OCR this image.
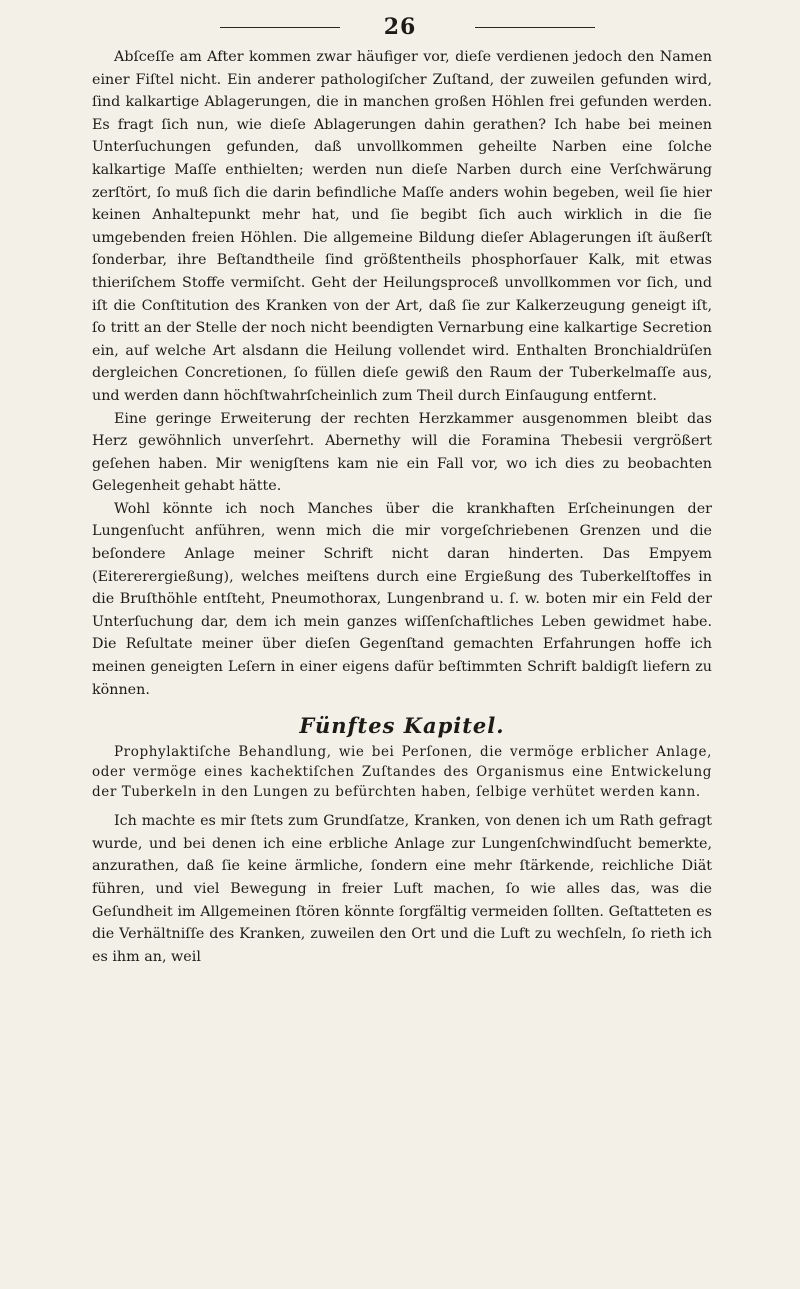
26

Abſceſſe am After kommen zwar häufiger vor, dieſe verdienen jedoch den Namen einer Fiſtel nicht. Ein anderer pathologiſcher Zuſtand, der zuweilen gefunden wird, ſind kalkartige Ablagerungen, die in manchen großen Höhlen frei gefunden werden. Es fragt ſich nun, wie dieſe Ablagerungen dahin gerathen? Ich habe bei meinen Unterſuchungen gefunden, daß unvollkommen geheilte Narben eine ſolche kalkartige Maſſe enthielten; werden nun dieſe Narben durch eine Verſchwärung zerſtört, ſo muß ſich die darin befindliche Maſſe anders wohin begeben, weil ſie hier keinen Anhaltepunkt mehr hat, und ſie begibt ſich auch wirklich in die ſie umgebenden freien Höhlen. Die allgemeine Bildung dieſer Ablagerungen iſt äußerſt ſonderbar, ihre Beſtandtheile ſind größtentheils phosphorſauer Kalk, mit etwas thieriſchem Stoffe vermiſcht. Geht der Heilungsproceß unvollkommen vor ſich, und iſt die Conſtitution des Kranken von der Art, daß ſie zur Kalkerzeugung geneigt iſt, ſo tritt an der Stelle der noch nicht beendigten Vernarbung eine kalkartige Secretion ein, auf welche Art alsdann die Heilung vollendet wird. Enthalten Bronchialdrüſen dergleichen Concretionen, ſo füllen dieſe gewiß den Raum der Tuberkelmaſſe aus, und werden dann höchſtwahrſcheinlich zum Theil durch Einſaugung entfernt.

Eine geringe Erweiterung der rechten Herzkammer ausgenommen bleibt das Herz gewöhnlich unverſehrt. Abernethy will die Foramina Thebesii vergrößert geſehen haben. Mir wenigſtens kam nie ein Fall vor, wo ich dies zu beobachten Gelegenheit gehabt hätte.

Wohl könnte ich noch Manches über die krankhaften Erſcheinungen der Lungenſucht anführen, wenn mich die mir vorgeſchriebenen Grenzen und die beſondere Anlage meiner Schrift nicht daran hinderten. Das Empyem (Eitererergießung), welches meiſtens durch eine Ergießung des Tuberkelſtoffes in die Bruſthöhle entſteht, Pneumothorax, Lungenbrand u. ſ. w. boten mir ein Feld der Unterſuchung dar, dem ich mein ganzes wiſſenſchaftliches Leben gewidmet habe. Die Reſultate meiner über dieſen Gegenſtand gemachten Erfahrungen hoffe ich meinen geneigten Leſern in einer eigens dafür beſtimmten Schrift baldigſt liefern zu können.

Fünftes Kapitel.

Prophylaktiſche Behandlung, wie bei Perſonen, die vermöge erblicher Anlage, oder vermöge eines kachektiſchen Zuſtandes des Organismus eine Entwickelung der Tuberkeln in den Lungen zu befürchten haben, ſelbige verhütet werden kann.

Ich machte es mir ſtets zum Grundſatze, Kranken, von denen ich um Rath gefragt wurde, und bei denen ich eine erbliche Anlage zur Lungenſchwindſucht bemerkte, anzurathen, daß ſie keine ärmliche, ſondern eine mehr ſtärkende, reichliche Diät führen, und viel Bewegung in freier Luft machen, ſo wie alles das, was die Geſundheit im Allgemeinen ſtören könnte ſorgfältig vermeiden ſollten. Geſtatteten es die Verhältniſſe des Kranken, zuweilen den Ort und die Luft zu wechſeln, ſo rieth ich es ihm an, weil
